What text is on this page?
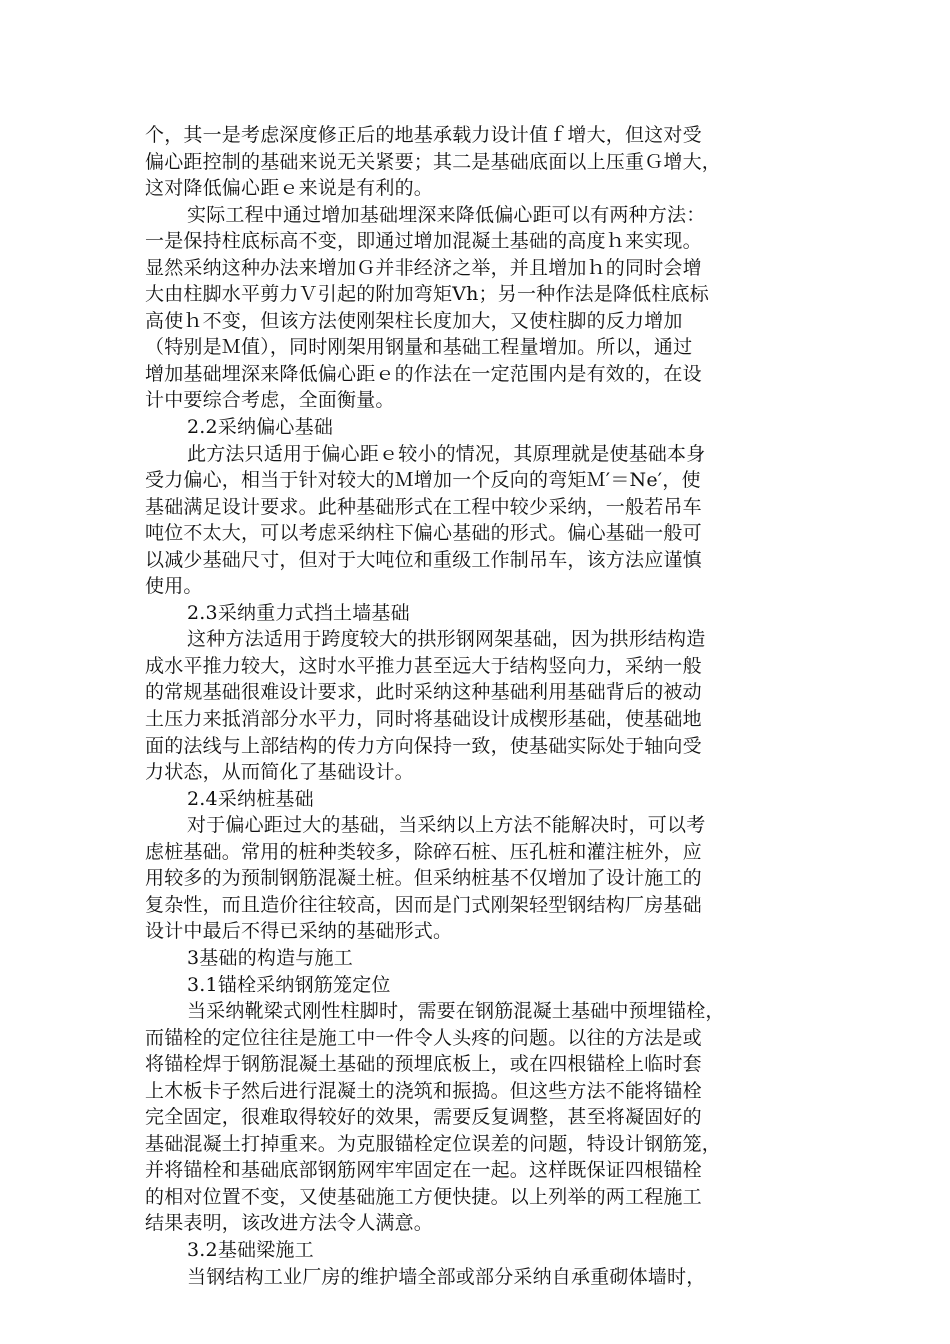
个，其一是考虑深度修正后的地基承载力设计值ｆ增大，但这对受
偏心距控制的基础来说无关紧要；其二是基础底面以上压重Ｇ增大，
这对降低偏心距ｅ来说是有利的。
实际工程中通过增加基础埋深来降低偏心距可以有两种方法：
一是保持柱底标高不变，即通过增加混凝土基础的高度ｈ来实现。
显然采纳这种办法来增加Ｇ并非经济之举，并且增加ｈ的同时会增
大由柱脚水平剪力Ｖ引起的附加弯矩Vh；另一种作法是降低柱底标
高使ｈ不变，但该方法使刚架柱长度加大，又使柱脚的反力增加
（特别是Ｍ值），同时刚架用钢量和基础工程量增加。所以，通过
增加基础埋深来降低偏心距ｅ的作法在一定范围内是有效的，在设
计中要综合考虑，全面衡量。
2.2采纳偏心基础
此方法只适用于偏心距ｅ较小的情况，其原理就是使基础本身
受力偏心，相当于针对较大的Ｍ增加一个反向的弯矩Ｍ′＝Ne′，使
基础满足设计要求。此种基础形式在工程中较少采纳，一般若吊车
吨位不太大，可以考虑采纳柱下偏心基础的形式。偏心基础一般可
以减少基础尺寸，但对于大吨位和重级工作制吊车，该方法应谨慎
使用。
2.3采纳重力式挡土墙基础
这种方法适用于跨度较大的拱形钢网架基础，因为拱形结构造
成水平推力较大，这时水平推力甚至远大于结构竖向力，采纳一般
的常规基础很难设计要求，此时采纳这种基础利用基础背后的被动
土压力来抵消部分水平力，同时将基础设计成楔形基础，使基础地
面的法线与上部结构的传力方向保持一致，使基础实际处于轴向受
力状态，从而简化了基础设计。
2.4采纳桩基础
对于偏心距过大的基础，当采纳以上方法不能解决时，可以考
虑桩基础。常用的桩种类较多，除碎石桩、压孔桩和灌注桩外，应
用较多的为预制钢筋混凝土桩。但采纳桩基不仅增加了设计施工的
复杂性，而且造价往往较高，因而是门式刚架轻型钢结构厂房基础
设计中最后不得已采纳的基础形式。
3基础的构造与施工
3.1锚栓采纳钢筋笼定位
当采纳靴梁式刚性柱脚时，需要在钢筋混凝土基础中预埋锚栓，
而锚栓的定位往往是施工中一件令人头疼的问题。以往的方法是或
将锚栓焊于钢筋混凝土基础的预埋底板上，或在四根锚栓上临时套
上木板卡子然后进行混凝土的浇筑和振捣。但这些方法不能将锚栓
完全固定，很难取得较好的效果，需要反复调整，甚至将凝固好的
基础混凝土打掉重来。为克服锚栓定位误差的问题，特设计钢筋笼，
并将锚栓和基础底部钢筋网牢牢固定在一起。这样既保证四根锚栓
的相对位置不变，又使基础施工方便快捷。以上列举的两工程施工
结果表明，该改进方法令人满意。
3.2基础梁施工
当钢结构工业厂房的维护墙全部或部分采纳自承重砌体墙时，
